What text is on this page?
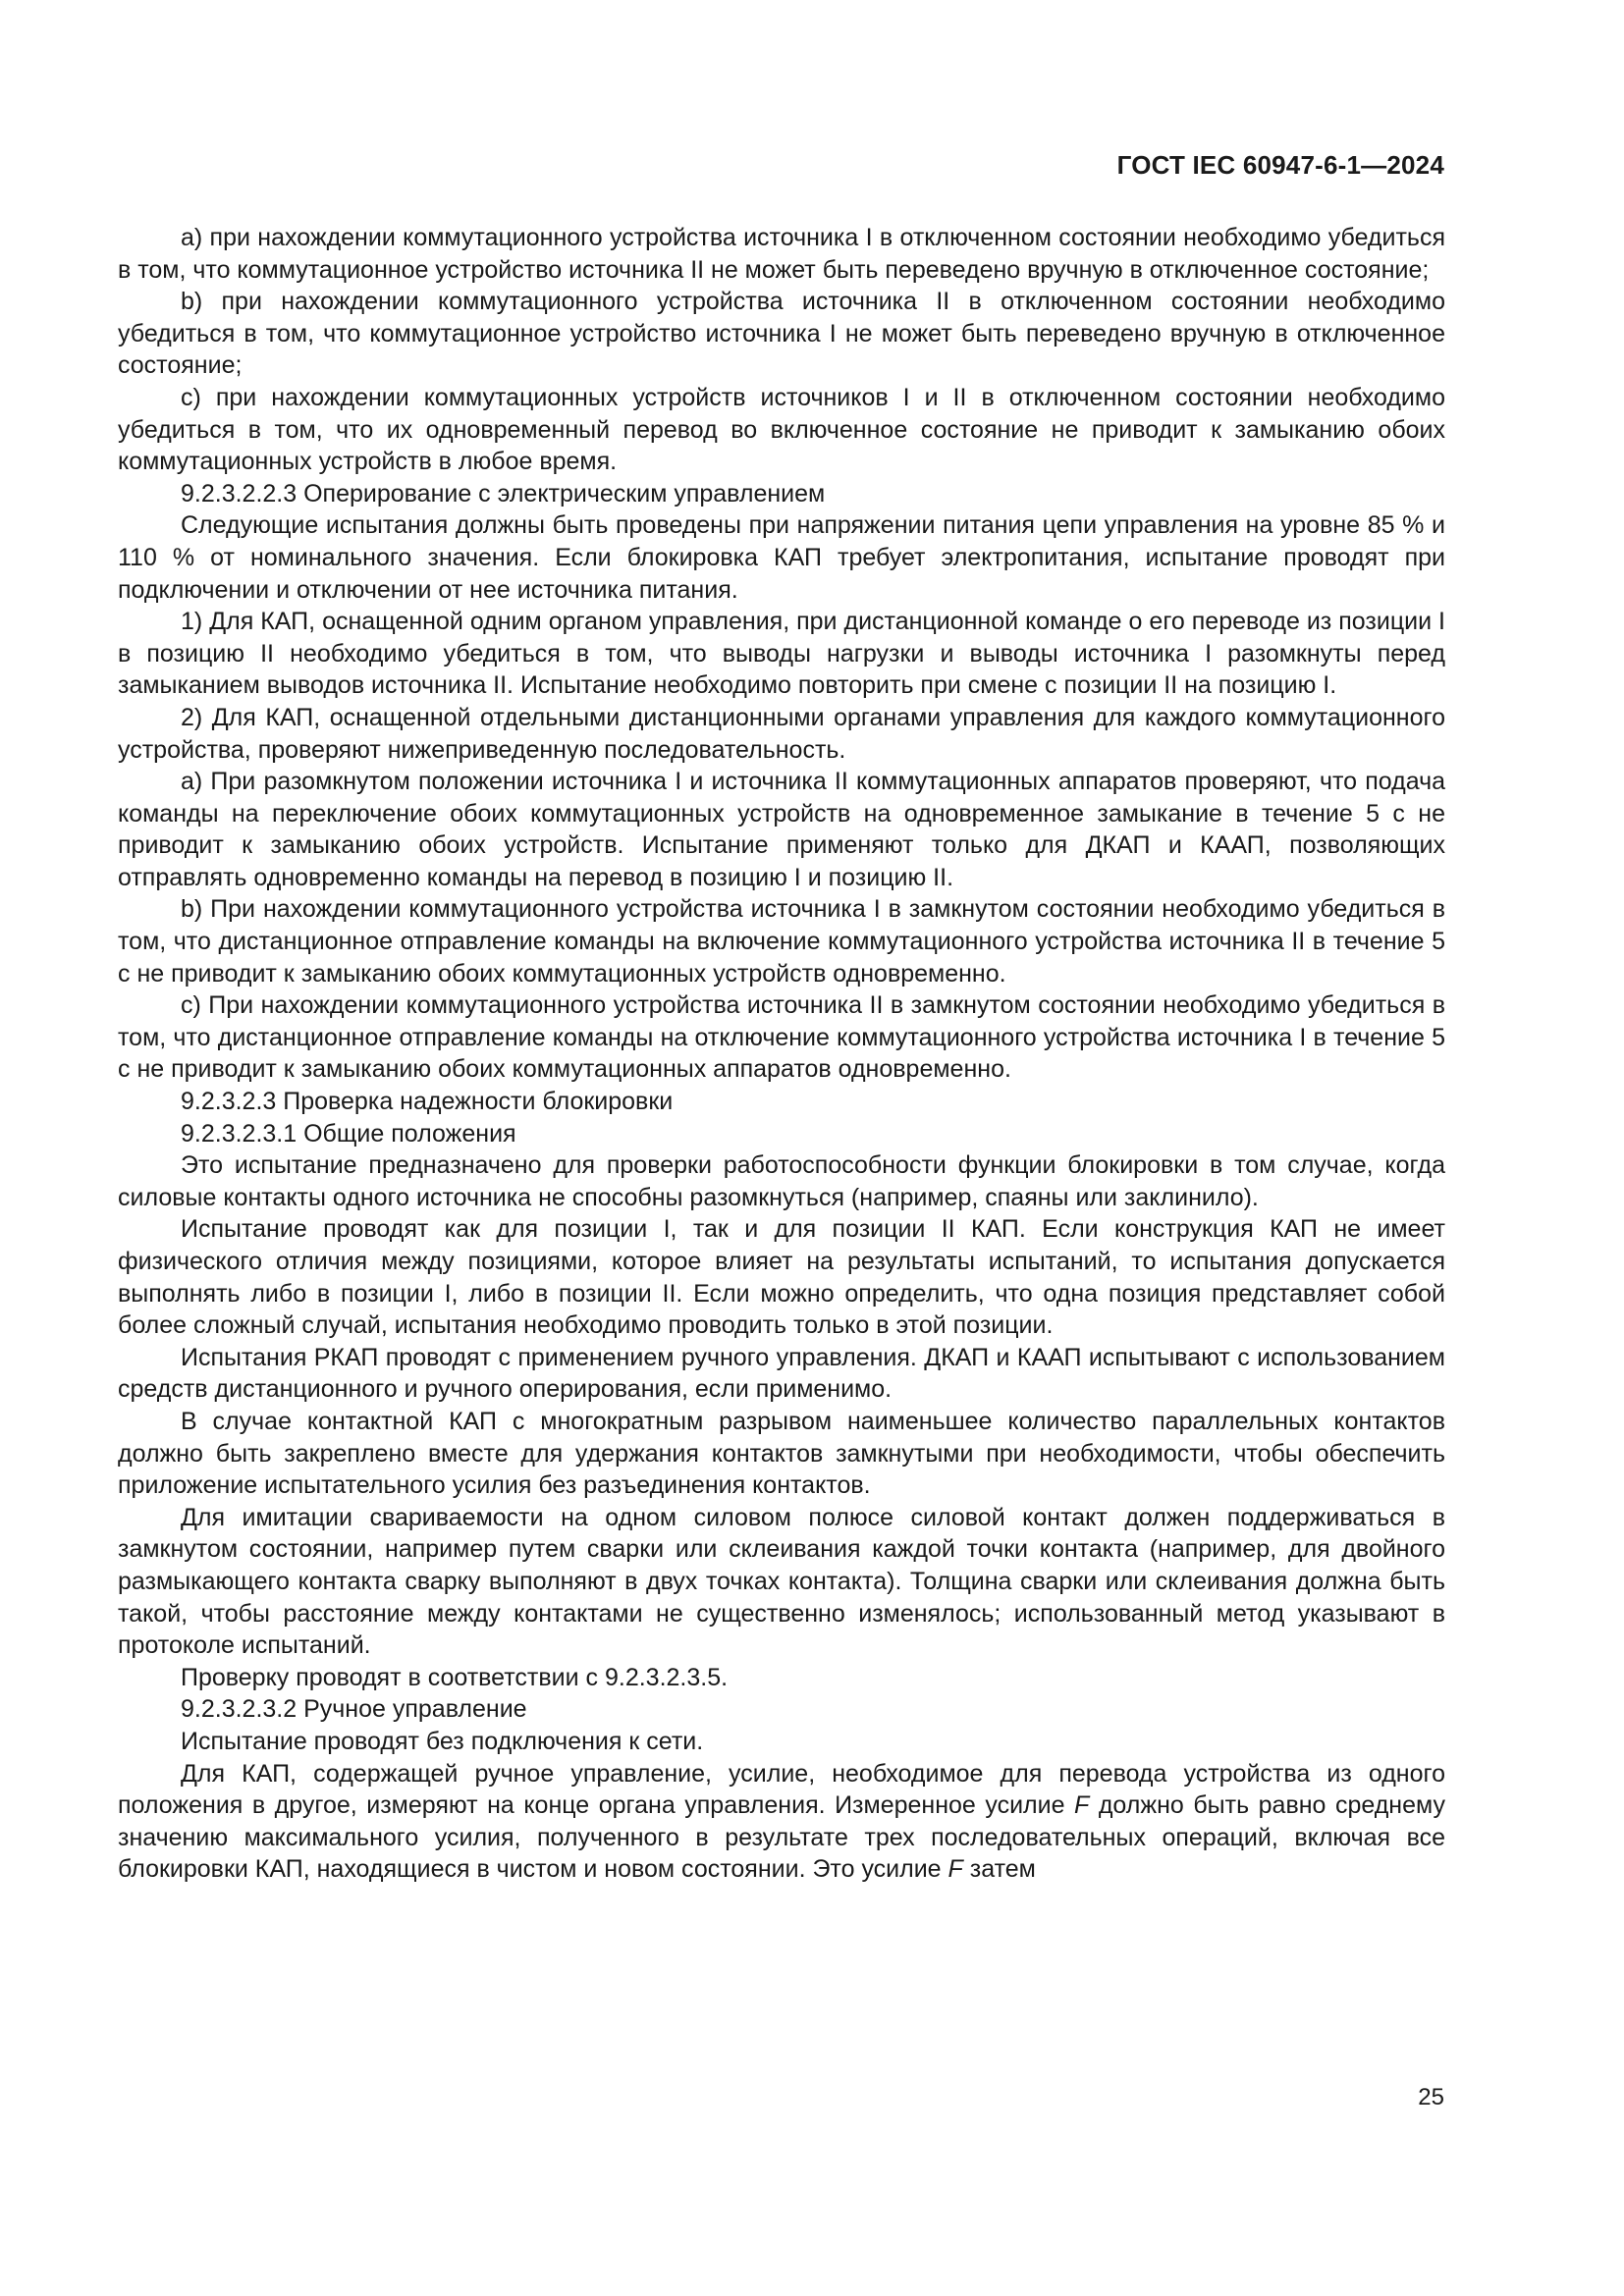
ГОСТ IEC 60947-6-1—2024

а) при нахождении коммутационного устройства источника I в отключенном состоянии необходимо убедиться в том, что коммутационное устройство источника II не может быть переведено вручную в отключенное состояние;

b) при нахождении коммутационного устройства источника II в отключенном состоянии необходимо убедиться в том, что коммутационное устройство источника I не может быть переведено вручную в отключенное состояние;

с) при нахождении коммутационных устройств источников I и II в отключенном состоянии необходимо убедиться в том, что их одновременный перевод во включенное состояние не приводит к замыканию обоих коммутационных устройств в любое время.

9.2.3.2.2.3 Оперирование с электрическим управлением

Следующие испытания должны быть проведены при напряжении питания цепи управления на уровне 85 % и 110 % от номинального значения. Если блокировка КАП требует электропитания, испытание проводят при подключении и отключении от нее источника питания.

1) Для КАП, оснащенной одним органом управления, при дистанционной команде о его переводе из позиции I в позицию II необходимо убедиться в том, что выводы нагрузки и выводы источника I разомкнуты перед замыканием выводов источника II. Испытание необходимо повторить при смене с позиции II на позицию I.

2) Для КАП, оснащенной отдельными дистанционными органами управления для каждого коммутационного устройства, проверяют нижеприведенную последовательность.

а) При разомкнутом положении источника I и источника II коммутационных аппаратов проверяют, что подача команды на переключение обоих коммутационных устройств на одновременное замыкание в течение 5 с не приводит к замыканию обоих устройств. Испытание применяют только для ДКАП и КААП, позволяющих отправлять одновременно команды на перевод в позицию I и позицию II.

b) При нахождении коммутационного устройства источника I в замкнутом состоянии необходимо убедиться в том, что дистанционное отправление команды на включение коммутационного устройства источника II в течение 5 с не приводит к замыканию обоих коммутационных устройств одновременно.

с) При нахождении коммутационного устройства источника II в замкнутом состоянии необходимо убедиться в том, что дистанционное отправление команды на отключение коммутационного устройства источника I в течение 5 с не приводит к замыканию обоих коммутационных аппаратов одновременно.

9.2.3.2.3 Проверка надежности блокировки

9.2.3.2.3.1 Общие положения

Это испытание предназначено для проверки работоспособности функции блокировки в том случае, когда силовые контакты одного источника не способны разомкнуться (например, спаяны или заклинило).

Испытание проводят как для позиции I, так и для позиции II КАП. Если конструкция КАП не имеет физического отличия между позициями, которое влияет на результаты испытаний, то испытания допускается выполнять либо в позиции I, либо в позиции II. Если можно определить, что одна позиция представляет собой более сложный случай, испытания необходимо проводить только в этой позиции.

Испытания РКАП проводят с применением ручного управления. ДКАП и КААП испытывают с использованием средств дистанционного и ручного оперирования, если применимо.

В случае контактной КАП с многократным разрывом наименьшее количество параллельных контактов должно быть закреплено вместе для удержания контактов замкнутыми при необходимости, чтобы обеспечить приложение испытательного усилия без разъединения контактов.

Для имитации свариваемости на одном силовом полюсе силовой контакт должен поддерживаться в замкнутом состоянии, например путем сварки или склеивания каждой точки контакта (например, для двойного размыкающего контакта сварку выполняют в двух точках контакта). Толщина сварки или склеивания должна быть такой, чтобы расстояние между контактами не существенно изменялось; использованный метод указывают в протоколе испытаний.

Проверку проводят в соответствии с 9.2.3.2.3.5.

9.2.3.2.3.2 Ручное управление

Испытание проводят без подключения к сети.

Для КАП, содержащей ручное управление, усилие, необходимое для перевода устройства из одного положения в другое, измеряют на конце органа управления. Измеренное усилие F должно быть равно среднему значению максимального усилия, полученного в результате трех последовательных операций, включая все блокировки КАП, находящиеся в чистом и новом состоянии. Это усилие F затем

25
